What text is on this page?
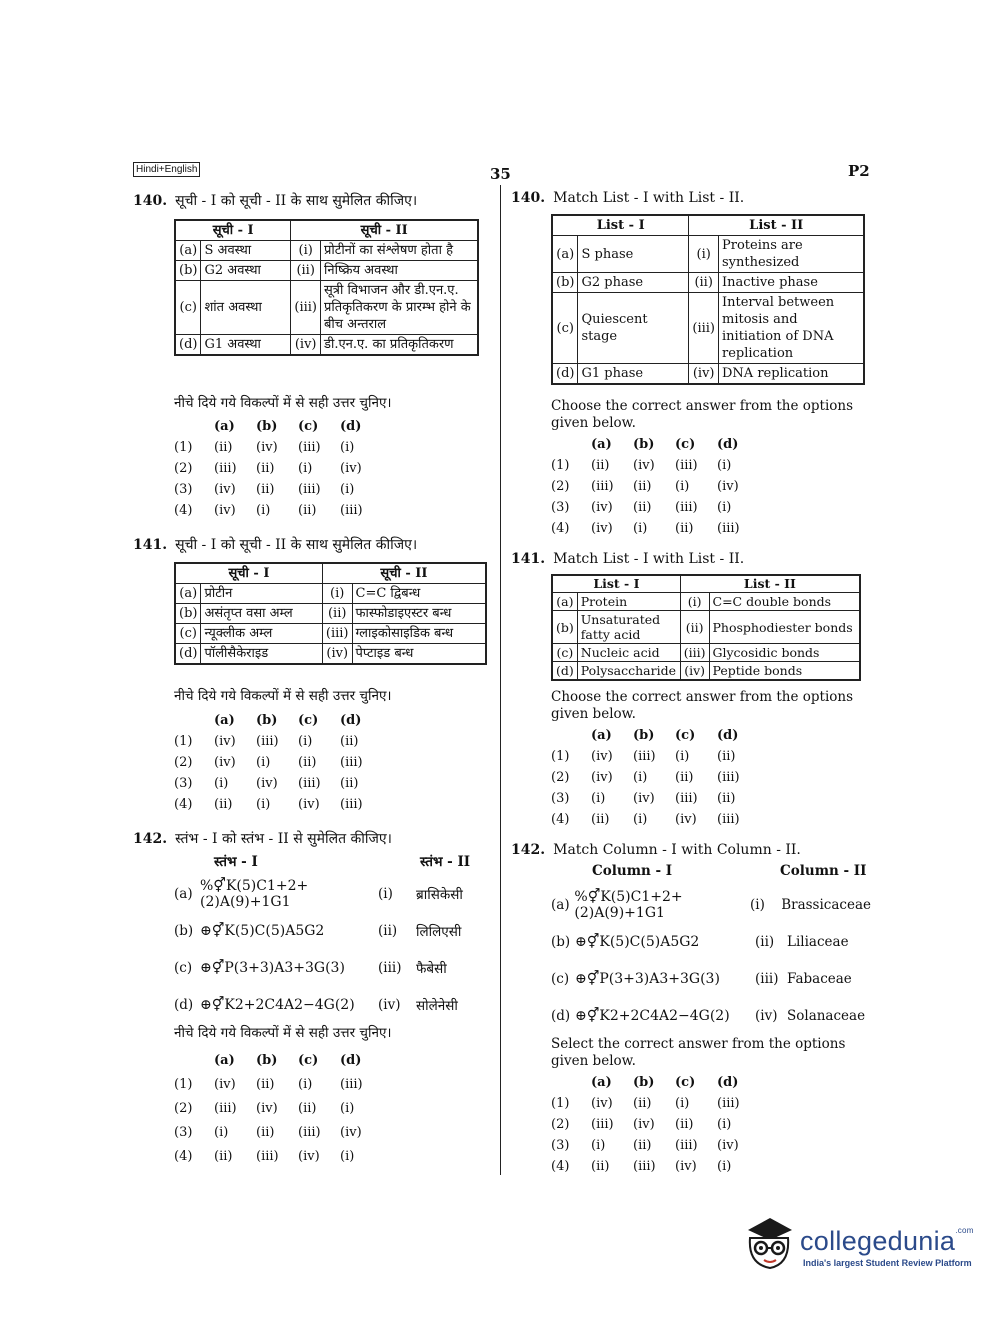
Hindi+English	35	P2
140. सूची - I को सूची - II के साथ सुमेलित कीजिए।
सूची - I		सूची - II	
(a)	S अवस्था	(i)	प्रोटीनों का संश्लेषण होता है
(b)	G2 अवस्था	(ii)	निष्क्रिय अवस्था
(c)	शांत अवस्था	(iii)	सूत्री विभाजन और डी.एन.ए. प्रतिकृतिकरण के प्रारम्भ होने के बीच अन्तराल
(d)	G1 अवस्था	(iv)	डी.एन.ए. का प्रतिकृतिकरण
नीचे दिये गये विकल्पों में से सही उत्तर चुनिए।
(a)	(b)	(c)	(d)
(1)	(ii)	(iv)	(iii)	(i)
(2)	(iii)	(ii)	(i)	(iv)
(3)	(iv)	(ii)	(iii)	(i)
(4)	(iv)	(i)	(ii)	(iii)
141. सूची - I को सूची - II के साथ सुमेलित कीजिए।
सूची - I		सूची - II	
(a)	प्रोटीन	(i)	C=C द्विबन्ध
(b)	असंतृप्त वसा अम्ल	(ii)	फास्फोडाइएस्टर बन्ध
(c)	न्यूक्लीक अम्ल	(iii)	ग्लाइकोसाइडिक बन्ध
(d)	पॉलीसैकेराइड	(iv)	पेप्टाइड बन्ध
नीचे दिये गये विकल्पों में से सही उत्तर चुनिए।
(a)	(b)	(c)	(d)
(1)	(iv)	(iii)	(i)	(ii)
(2)	(iv)	(i)	(ii)	(iii)
(3)	(i)	(iv)	(iii)	(ii)
(4)	(ii)	(i)	(iv)	(iii)
142. स्तंभ - I को स्तंभ - II से सुमेलित कीजिए।
स्तंभ - I	स्तंभ - II
(a) %⚥K(5)C1+2+(2)A(9)+1G1	(i)	ब्रासिकेसी
(b) ⊕⚥K(5)C(5)A5G2	(ii)	लिलिएसी
(c) ⊕⚥P(3+3)A3+3G(3)	(iii)	फैबेसी
(d) ⊕⚥K2+2C4A2−4G(2)	(iv)	सोलेनेसी
नीचे दिये गये विकल्पों में से सही उत्तर चुनिए।
(a)	(b)	(c)	(d)
(1)	(iv)	(ii)	(i)	(iii)
(2)	(iii)	(iv)	(ii)	(i)
(3)	(i)	(ii)	(iii)	(iv)
(4)	(ii)	(iii)	(iv)	(i)
140. Match List - I with List - II.
List - I		List - II	
(a)	S phase	(i)	Proteins are synthesized
(b)	G2 phase	(ii)	Inactive phase
(c)	Quiescent stage	(iii)	Interval between mitosis and initiation of DNA replication
(d)	G1 phase	(iv)	DNA replication
Choose the correct answer from the options given below.
(a)	(b)	(c)	(d)
(1)	(ii)	(iv)	(iii)	(i)
(2)	(iii)	(ii)	(i)	(iv)
(3)	(iv)	(ii)	(iii)	(i)
(4)	(iv)	(i)	(ii)	(iii)
141. Match List - I with List - II.
List - I		List - II	
(a)	Protein	(i)	C=C double bonds
(b)	Unsaturated fatty acid	(ii)	Phosphodiester bonds
(c)	Nucleic acid	(iii)	Glycosidic bonds
(d)	Polysaccharide	(iv)	Peptide bonds
Choose the correct answer from the options given below.
(a)	(b)	(c)	(d)
(1)	(iv)	(iii)	(i)	(ii)
(2)	(iv)	(i)	(ii)	(iii)
(3)	(i)	(iv)	(iii)	(ii)
(4)	(ii)	(i)	(iv)	(iii)
142. Match Column - I with Column - II.
Column - I	Column - II
(a) %⚥K(5)C1+2+(2)A(9)+1G1	(i)	Brassicaceae
(b) ⊕⚥K(5)C(5)A5G2	(ii) Liliaceae
(c) ⊕⚥P(3+3)A3+3G(3)	(iii) Fabaceae
(d) ⊕⚥K2+2C4A2−4G(2)	(iv) Solanaceae
Select the correct answer from the options given below.
(a)	(b)	(c)	(d)
(1)	(iv)	(ii)	(i)	(iii)
(2)	(iii)	(iv)	(ii)	(i)
(3)	(i)	(ii)	(iii)	(iv)
(4)	(ii)	(iii)	(iv)	(i)
collegedunia$^{.com}$
India's largest Student Review Platform
